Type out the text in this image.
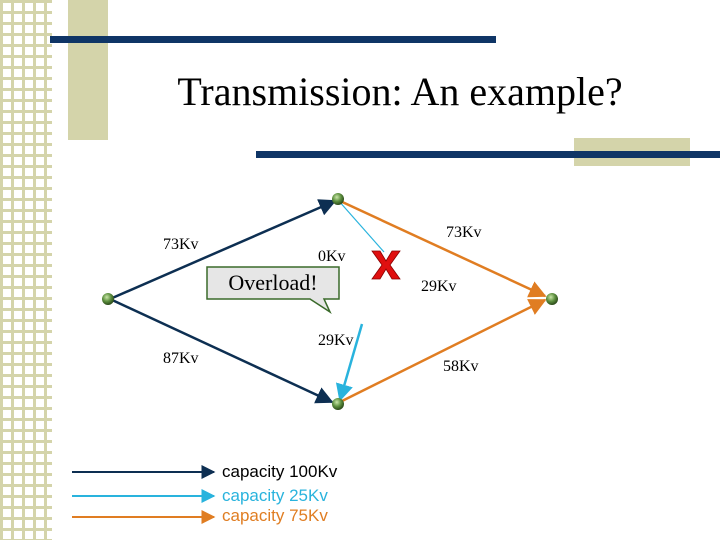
Transmission: An example?
73Kv
0Kv
73Kv
29Kv
87Kv
29Kv
58Kv
Overload!
capacity 100Kv
capacity 25Kv
capacity 75Kv
